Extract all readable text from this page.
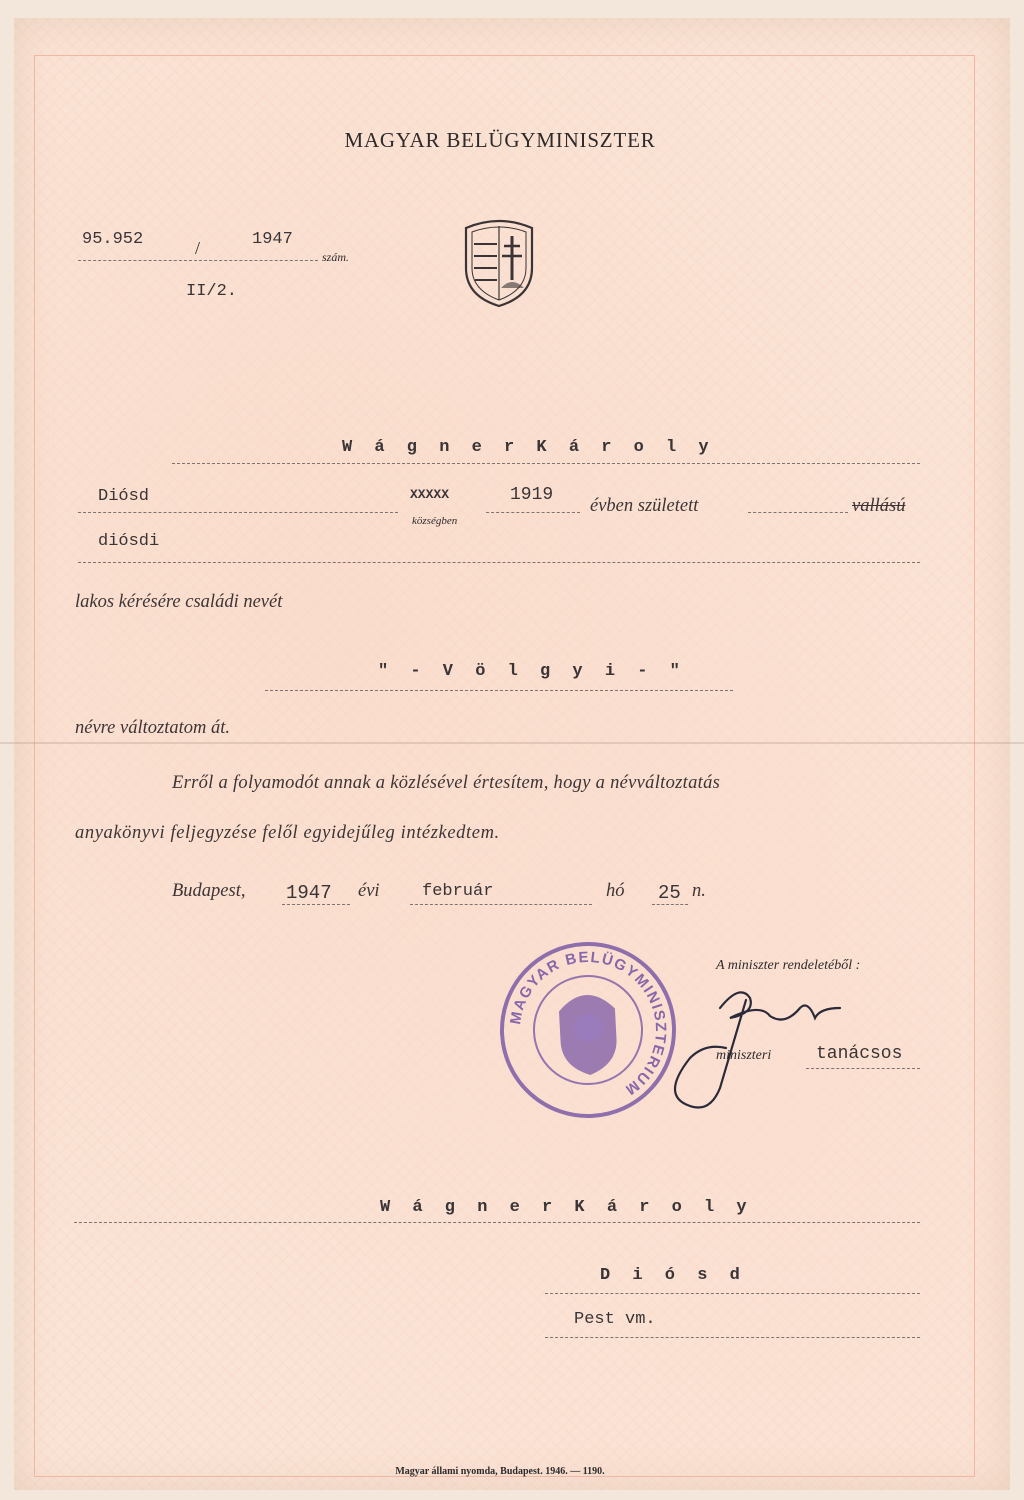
MAGYAR BELÜGYMINISZTER
95.952	/	1947
szám.
II/2.
W á g n e r K á r o l y
Diósd	XXXXX
községben
1919
évben született	vallású
diósdi
lakos kérésére családi nevét
" - V ö l g y i - "
névre változtatom át.
Erről a folyamodót annak a közlésével értesítem, hogy a névváltoztatás
anyakönyvi feljegyzése felől egyidejűleg intézkedtem.
Budapest, 1947 évi február	hó 25 n.
MAGYAR BELÜGYMINISZTERIUM
A miniszter rendeletéből :
miniszteri tanácsos
W á g n e r K á r o l y
D i ó s d
Pest vm.
Magyar állami nyomda, Budapest. 1946. — 1190.
